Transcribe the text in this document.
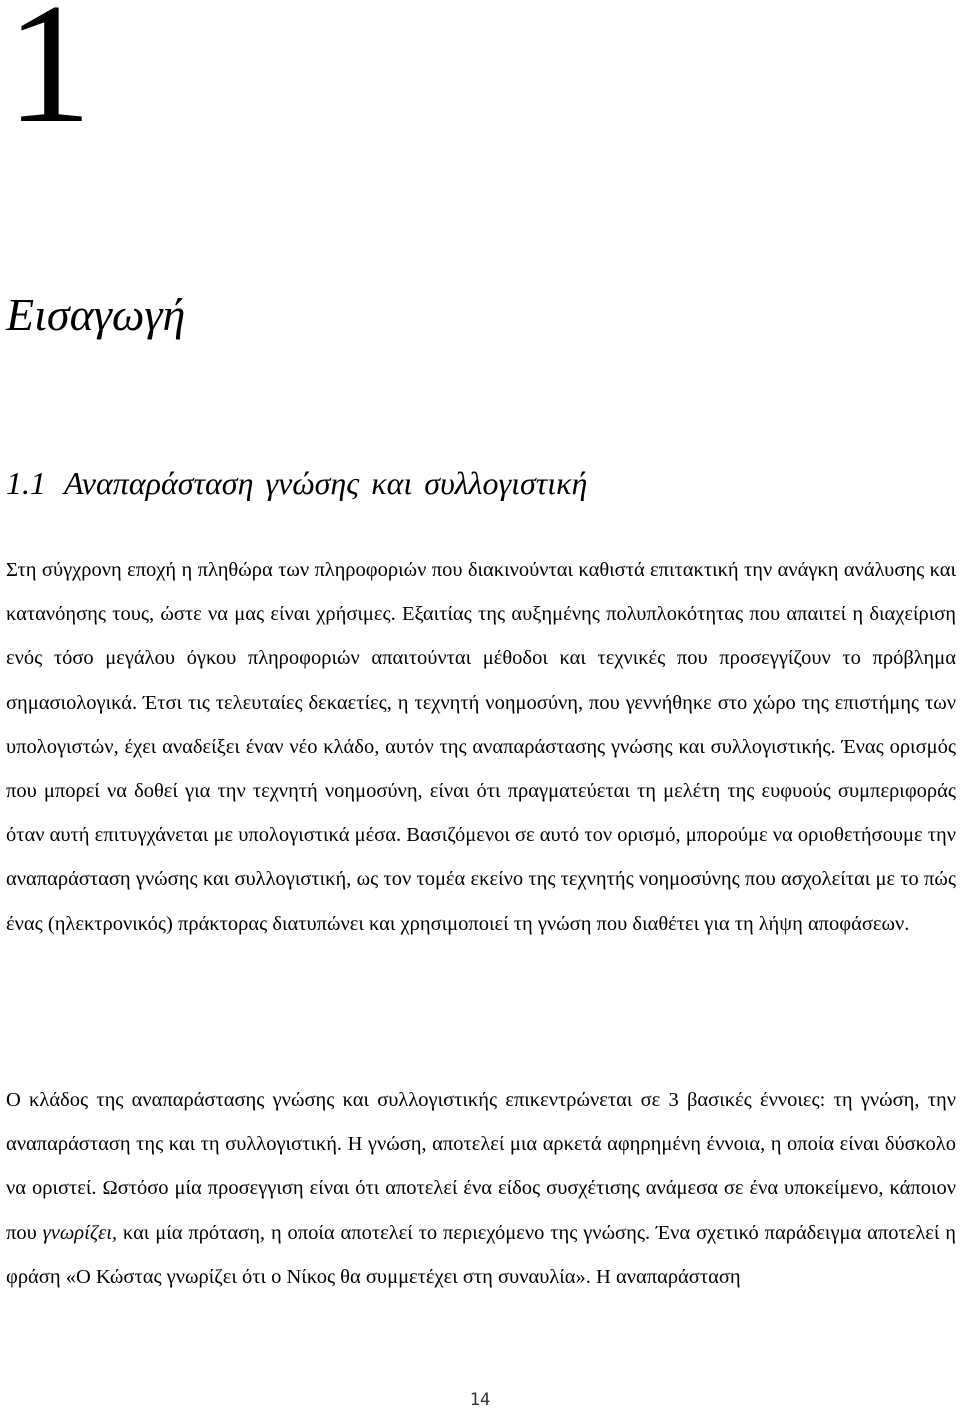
1
Εισαγωγή
1.1 Αναπαράσταση γνώσης και συλλογιστική

Στη σύγχρονη εποχή η πληθώρα των πληροφοριών που διακινούνται καθιστά επιτακτική την ανάγκη ανάλυσης και κατανόησης τους, ώστε να μας είναι χρήσιμες. Εξαιτίας της αυξημένης πολυπλοκότητας που απαιτεί η διαχείριση ενός τόσο μεγάλου όγκου πληροφοριών απαιτούνται μέθοδοι και τεχνικές που προσεγγίζουν το πρόβλημα σημασιολογικά. Έτσι τις τελευταίες δεκαετίες, η τεχνητή νοημοσύνη, που γεννήθηκε στο χώρο της επιστήμης των υπολογιστών, έχει αναδείξει έναν νέο κλάδο, αυτόν της αναπαράστασης γνώσης και συλλογιστικής. Ένας ορισμός που μπορεί να δοθεί για την τεχνητή νοημοσύνη, είναι ότι πραγματεύεται τη μελέτη της ευφυούς συμπεριφοράς όταν αυτή επιτυγχάνεται με υπολογιστικά μέσα. Βασιζόμενοι σε αυτό τον ορισμό, μπορούμε να οριοθετήσουμε την αναπαράσταση γνώσης και συλλογιστική, ως τον τομέα εκείνο της τεχνητής νοημοσύνης που ασχολείται με το πώς ένας (ηλεκτρονικός) πράκτορας διατυπώνει και χρησιμοποιεί τη γνώση που διαθέτει για τη λήψη αποφάσεων.

Ο κλάδος της αναπαράστασης γνώσης και συλλογιστικής επικεντρώνεται σε 3 βασικές έννοιες: τη γνώση, την αναπαράσταση της και τη συλλογιστική. Η γνώση, αποτελεί μια αρκετά αφηρημένη έννοια, η οποία είναι δύσκολο να οριστεί. Ωστόσο μία προσεγγιση είναι ότι αποτελεί ένα είδος συσχέτισης ανάμεσα σε ένα υποκείμενο, κάποιον που γνωρίζει, και μία πρόταση, η οποία αποτελεί το περιεχόμενο της γνώσης. Ένα σχετικό παράδειγμα αποτελεί η φράση «Ο Κώστας γνωρίζει ότι ο Νίκος θα συμμετέχει στη συναυλία». Η αναπαράσταση

14
